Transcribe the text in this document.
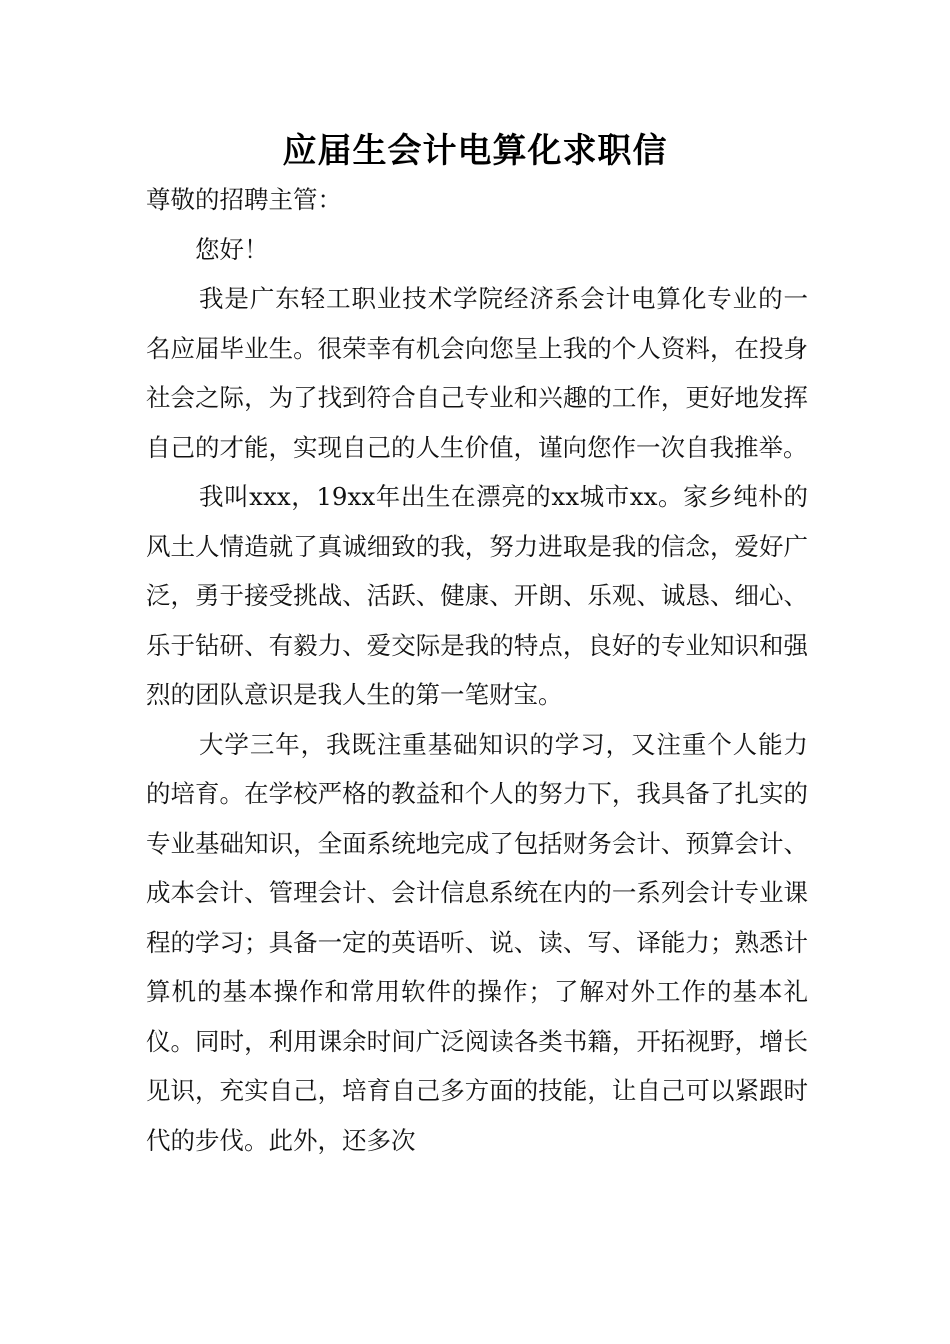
应届生会计电算化求职信
尊敬的招聘主管：
您好！

我是广东轻工职业技术学院经济系会计电算化专业的一名应届毕业生。很荣幸有机会向您呈上我的个人资料，在投身社会之际，为了找到符合自己专业和兴趣的工作，更好地发挥自己的才能，实现自己的人生价值，谨向您作一次自我推举。

我叫xxx，19xx年出生在漂亮的xx城市xx。家乡纯朴的风土人情造就了真诚细致的我，努力进取是我的信念，爱好广泛，勇于接受挑战、活跃、健康、开朗、乐观、诚恳、细心、乐于钻研、有毅力、爱交际是我的特点，良好的专业知识和强烈的团队意识是我人生的第一笔财宝。

大学三年，我既注重基础知识的学习，又注重个人能力的培育。在学校严格的教益和个人的努力下，我具备了扎实的专业基础知识，全面系统地完成了包括财务会计、预算会计、成本会计、管理会计、会计信息系统在内的一系列会计专业课程的学习；具备一定的英语听、说、读、写、译能力；熟悉计算机的基本操作和常用软件的操作；了解对外工作的基本礼仪。同时，利用课余时间广泛阅读各类书籍，开拓视野，增长见识，充实自己，培育自己多方面的技能，让自己可以紧跟时代的步伐。此外，还多次
